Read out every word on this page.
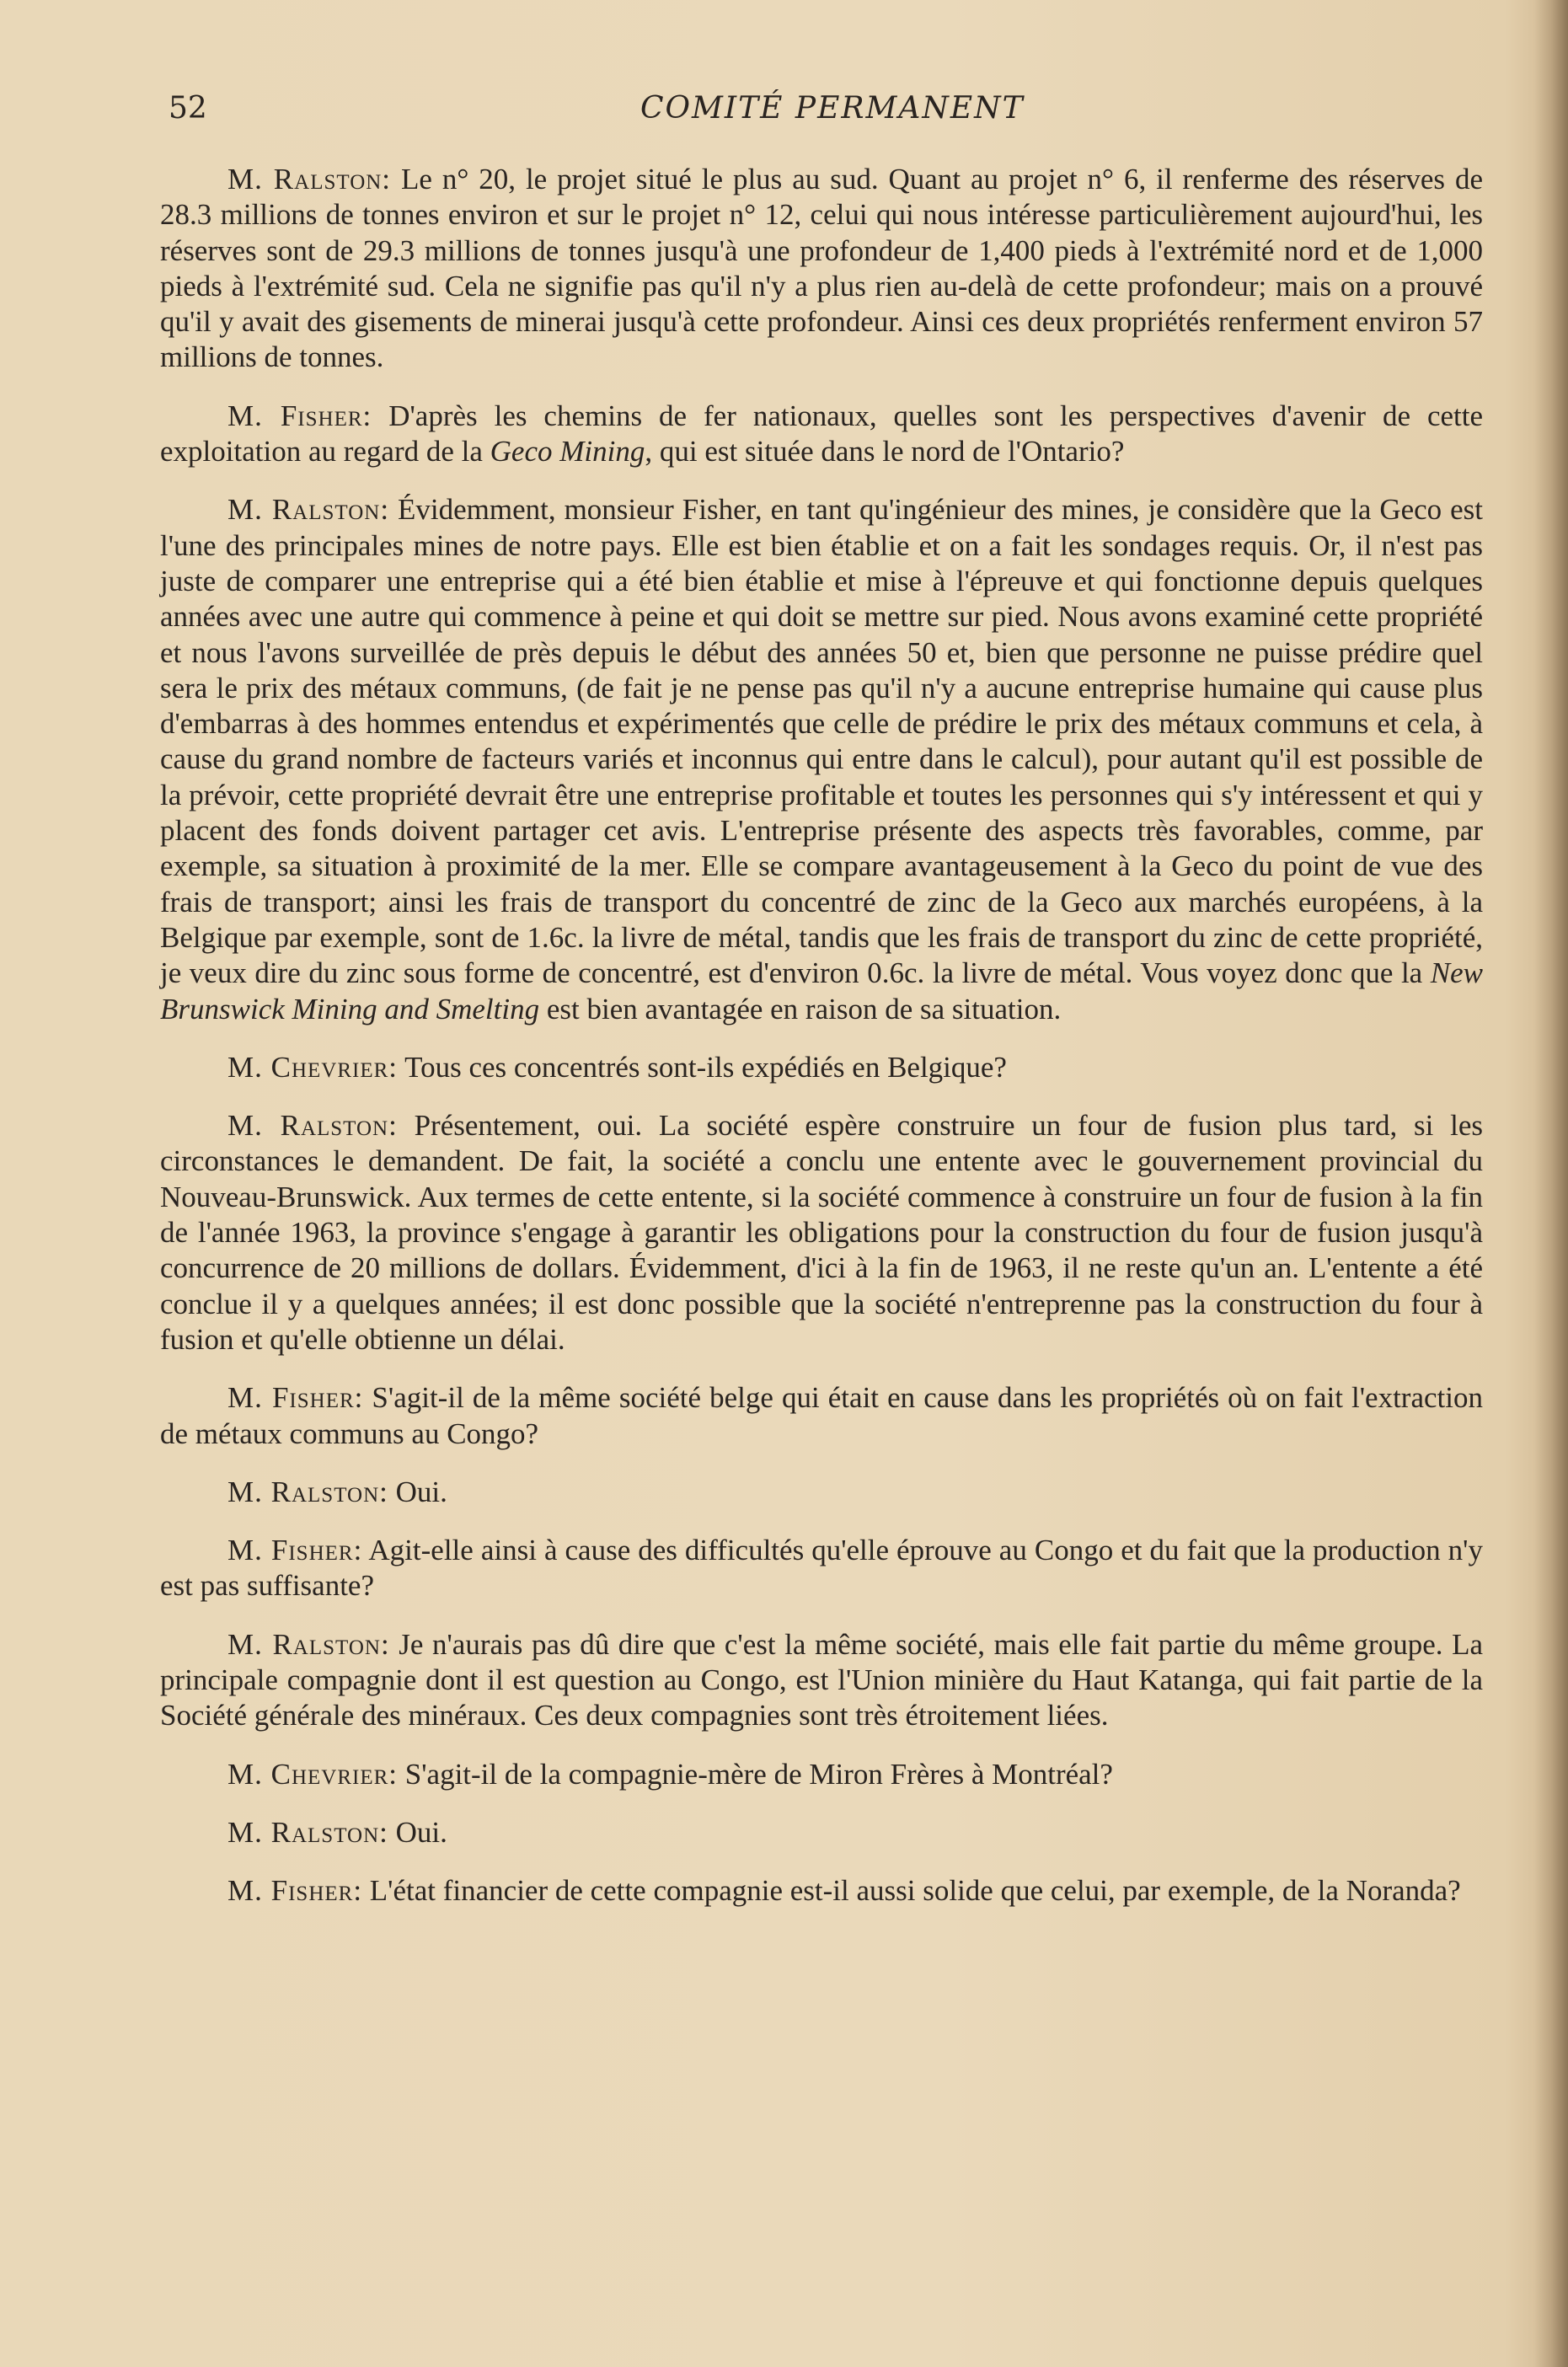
52	COMITÉ PERMANENT

M. Ralston: Le n° 20, le projet situé le plus au sud. Quant au projet n° 6, il renferme des réserves de 28.3 millions de tonnes environ et sur le projet n° 12, celui qui nous intéresse particulièrement aujourd'hui, les réserves sont de 29.3 millions de tonnes jusqu'à une profondeur de 1,400 pieds à l'extrémité nord et de 1,000 pieds à l'extrémité sud. Cela ne signifie pas qu'il n'y a plus rien au-delà de cette profondeur; mais on a prouvé qu'il y avait des gisements de minerai jusqu'à cette profondeur. Ainsi ces deux propriétés renferment environ 57 millions de tonnes.

M. Fisher: D'après les chemins de fer nationaux, quelles sont les perspectives d'avenir de cette exploitation au regard de la Geco Mining, qui est située dans le nord de l'Ontario?

M. Ralston: Évidemment, monsieur Fisher, en tant qu'ingénieur des mines, je considère que la Geco est l'une des principales mines de notre pays. Elle est bien établie et on a fait les sondages requis. Or, il n'est pas juste de comparer une entreprise qui a été bien établie et mise à l'épreuve et qui fonctionne depuis quelques années avec une autre qui commence à peine et qui doit se mettre sur pied. Nous avons examiné cette propriété et nous l'avons surveillée de près depuis le début des années 50 et, bien que personne ne puisse prédire quel sera le prix des métaux communs, (de fait je ne pense pas qu'il n'y a aucune entreprise humaine qui cause plus d'embarras à des hommes entendus et expérimentés que celle de prédire le prix des métaux communs et cela, à cause du grand nombre de facteurs variés et inconnus qui entre dans le calcul), pour autant qu'il est possible de la prévoir, cette propriété devrait être une entreprise profitable et toutes les personnes qui s'y intéressent et qui y placent des fonds doivent partager cet avis. L'entreprise présente des aspects très favorables, comme, par exemple, sa situation à proximité de la mer. Elle se compare avantageusement à la Geco du point de vue des frais de transport; ainsi les frais de transport du concentré de zinc de la Geco aux marchés européens, à la Belgique par exemple, sont de 1.6c. la livre de métal, tandis que les frais de transport du zinc de cette propriété, je veux dire du zinc sous forme de concentré, est d'environ 0.6c. la livre de métal. Vous voyez donc que la New Brunswick Mining and Smelting est bien avantagée en raison de sa situation.

M. Chevrier: Tous ces concentrés sont-ils expédiés en Belgique?

M. Ralston: Présentement, oui. La société espère construire un four de fusion plus tard, si les circonstances le demandent. De fait, la société a conclu une entente avec le gouvernement provincial du Nouveau-Brunswick. Aux termes de cette entente, si la société commence à construire un four de fusion à la fin de l'année 1963, la province s'engage à garantir les obligations pour la construction du four de fusion jusqu'à concurrence de 20 millions de dollars. Évidemment, d'ici à la fin de 1963, il ne reste qu'un an. L'entente a été conclue il y a quelques années; il est donc possible que la société n'entreprenne pas la construction du four à fusion et qu'elle obtienne un délai.

M. Fisher: S'agit-il de la même société belge qui était en cause dans les propriétés où on fait l'extraction de métaux communs au Congo?

M. Ralston: Oui.

M. Fisher: Agit-elle ainsi à cause des difficultés qu'elle éprouve au Congo et du fait que la production n'y est pas suffisante?

M. Ralston: Je n'aurais pas dû dire que c'est la même société, mais elle fait partie du même groupe. La principale compagnie dont il est question au Congo, est l'Union minière du Haut Katanga, qui fait partie de la Société générale des minéraux. Ces deux compagnies sont très étroitement liées.

M. Chevrier: S'agit-il de la compagnie-mère de Miron Frères à Montréal?

M. Ralston: Oui.

M. Fisher: L'état financier de cette compagnie est-il aussi solide que celui, par exemple, de la Noranda?
